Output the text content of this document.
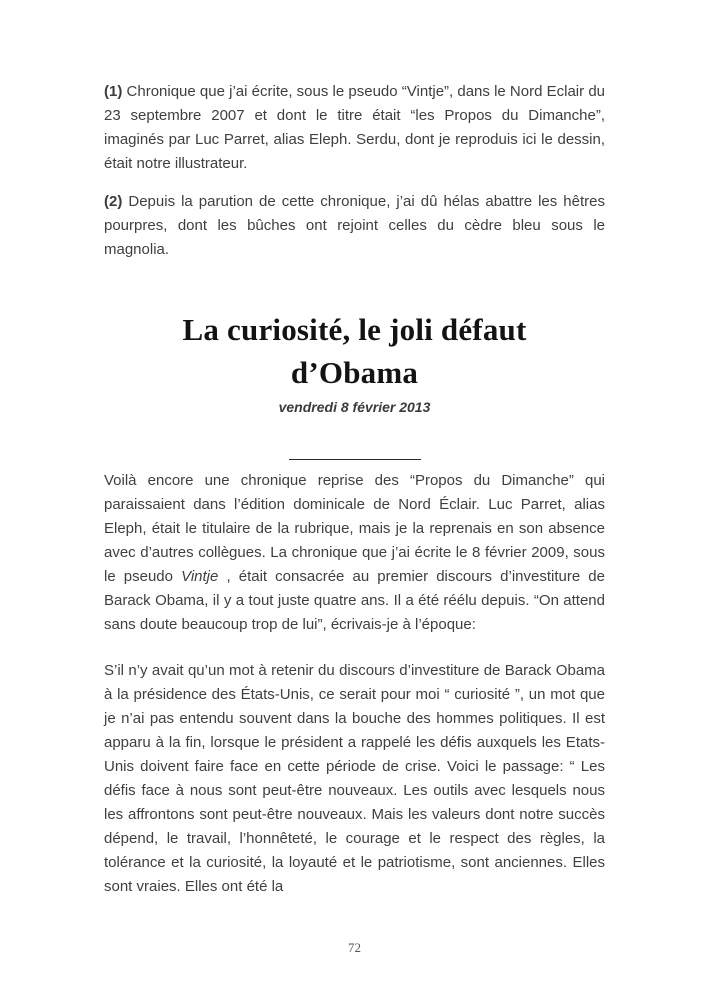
(1) Chronique que j’ai écrite, sous le pseudo “Vintje”, dans le Nord Eclair du 23 septembre 2007 et dont le titre était “les Propos du Dimanche”, imaginés par Luc Parret, alias Eleph. Serdu, dont je reproduis ici le dessin, était notre illustrateur.

(2) Depuis la parution de cette chronique, j’ai dû hélas abattre les hêtres pourpres, dont les bûches ont rejoint celles du cèdre bleu sous le magnolia.

La curiosité, le joli défaut
d’Obama

vendredi 8 février 2013

Voilà encore une chronique reprise des “Propos du Dimanche” qui paraissaient dans l’édition dominicale de Nord Éclair. Luc Parret, alias Eleph, était le titulaire de la rubrique, mais je la reprenais en son absence avec d’autres collègues. La chronique que j’ai écrite le 8 février 2009, sous le pseudo Vintje , était consacrée au premier discours d’investiture de Barack Obama, il y a tout juste quatre ans. Il a été réélu depuis. “On attend sans doute beaucoup trop de lui”, écrivais-je à l’époque:

S’il n’y avait qu’un mot à retenir du discours d’investiture de Barack Obama à la présidence des États-Unis, ce serait pour moi “ curiosité ”, un mot que je n’ai pas entendu souvent dans la bouche des hommes politiques. Il est apparu à la fin, lorsque le président a rappelé les défis auxquels les Etats-Unis doivent faire face en cette période de crise. Voici le passage: “ Les défis face à nous sont peut-être nouveaux. Les outils avec lesquels nous les affrontons sont peut-être nouveaux. Mais les valeurs dont notre succès dépend, le travail, l’honnêteté, le courage et le respect des règles, la tolérance et la curiosité, la loyauté et le patriotisme, sont anciennes. Elles sont vraies. Elles ont été la

72
